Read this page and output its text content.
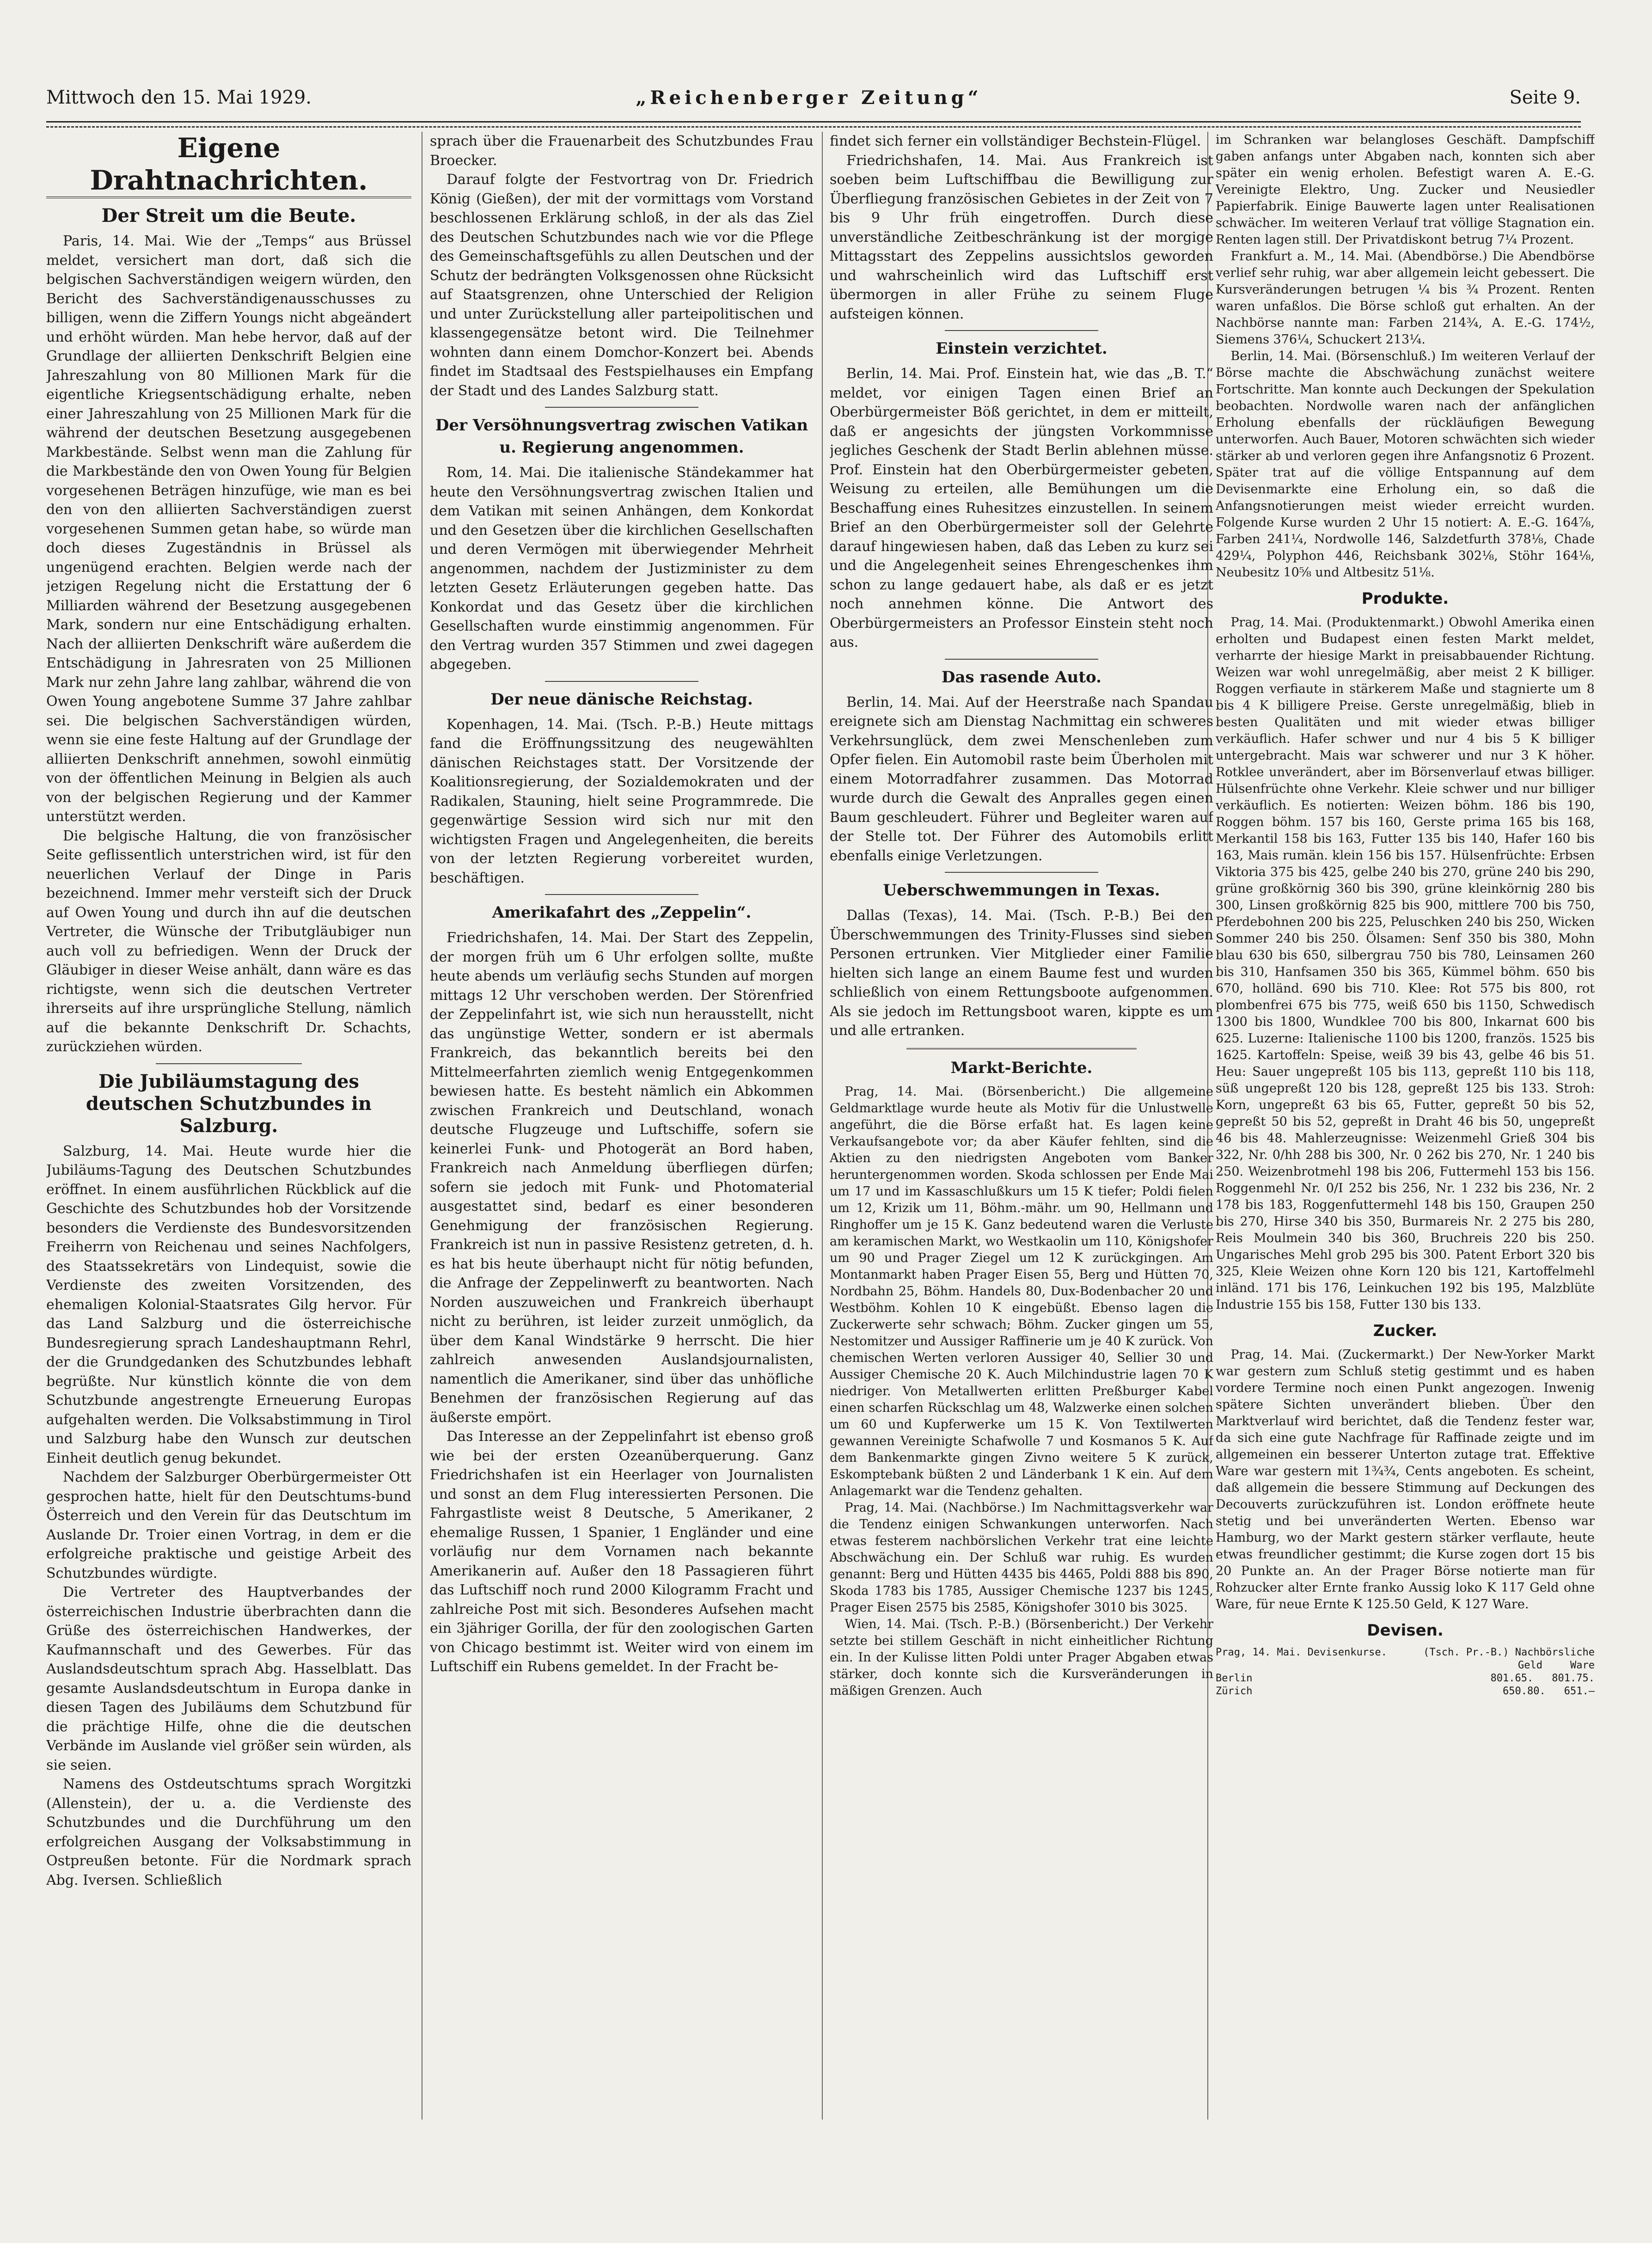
Mittwoch den 15. Mai 1929.	„Reichenberger Zeitung“	Seite 9.
Eigene Drahtnachrichten.
Der Streit um die Beute.

Paris, 14. Mai. Wie der „Temps“ aus Brüssel meldet, versichert man dort, daß sich die belgischen Sachverständigen weigern würden, den Bericht des Sachverständigenausschusses zu billigen, wenn die Ziffern Youngs nicht abgeändert und erhöht würden. Man hebe hervor, daß auf der Grundlage der alliierten Denkschrift Belgien eine Jahreszahlung von 80 Millionen Mark für die eigentliche Kriegsentschädigung erhalte, neben einer Jahreszahlung von 25 Millionen Mark für die während der deutschen Besetzung ausgegebenen Markbestände. Selbst wenn man die Zahlung für die Markbestände den von Owen Young für Belgien vorgesehenen Beträgen hinzufüge, wie man es bei den von den alliierten Sachverständigen zuerst vorgesehenen Summen getan habe, so würde man doch dieses Zugeständnis in Brüssel als ungenügend erachten. Belgien werde nach der jetzigen Regelung nicht die Erstattung der 6 Milliarden während der Besetzung ausgegebenen Mark, sondern nur eine Entschädigung erhalten. Nach der alliierten Denkschrift wäre außerdem die Entschädigung in Jahresraten von 25 Millionen Mark nur zehn Jahre lang zahlbar, während die von Owen Young angebotene Summe 37 Jahre zahlbar sei. Die belgischen Sachverständigen würden, wenn sie eine feste Haltung auf der Grundlage der alliierten Denkschrift annehmen, sowohl einmütig von der öffentlichen Meinung in Belgien als auch von der belgischen Regierung und der Kammer unterstützt werden.

Die belgische Haltung, die von französischer Seite geflissentlich unterstrichen wird, ist für den neuerlichen Verlauf der Dinge in Paris bezeichnend. Immer mehr versteift sich der Druck auf Owen Young und durch ihn auf die deutschen Vertreter, die Wünsche der Tributgläubiger nun auch voll zu befriedigen. Wenn der Druck der Gläubiger in dieser Weise anhält, dann wäre es das richtigste, wenn sich die deutschen Vertreter ihrerseits auf ihre ursprüngliche Stellung, nämlich auf die bekannte Denkschrift Dr. Schachts, zurückziehen würden.

Die Jubiläumstagung des deutschen Schutzbundes in Salzburg.

Salzburg, 14. Mai. Heute wurde hier die Jubiläums-Tagung des Deutschen Schutzbundes eröffnet. In einem ausführlichen Rückblick auf die Geschichte des Schutzbundes hob der Vorsitzende besonders die Verdienste des Bundesvorsitzenden Freiherrn von Reichenau und seines Nachfolgers, des Staatssekretärs von Lindequist, sowie die Verdienste des zweiten Vorsitzenden, des ehemaligen Kolonial-Staatsrates Gilg hervor. Für das Land Salzburg und die österreichische Bundesregierung sprach Landeshauptmann Rehrl, der die Grundgedanken des Schutzbundes lebhaft begrüßte. Nur künstlich könnte die von dem Schutzbunde angestrengte Erneuerung Europas aufgehalten werden. Die Volksabstimmung in Tirol und Salzburg habe den Wunsch zur deutschen Einheit deutlich genug bekundet.

Nachdem der Salzburger Oberbürgermeister Ott gesprochen hatte, hielt für den Deutschtums-bund Österreich und den Verein für das Deutschtum im Auslande Dr. Troier einen Vortrag, in dem er die erfolgreiche praktische und geistige Arbeit des Schutzbundes würdigte.

Die Vertreter des Hauptverbandes der österreichischen Industrie überbrachten dann die Grüße des österreichischen Handwerkes, der Kaufmannschaft und des Gewerbes. Für das Auslandsdeutschtum sprach Abg. Hasselblatt. Das gesamte Auslandsdeutschtum in Europa danke in diesen Tagen des Jubiläums dem Schutzbund für die prächtige Hilfe, ohne die die deutschen Verbände im Auslande viel größer sein würden, als sie seien.

Namens des Ostdeutschtums sprach Worgitzki (Allenstein), der u. a. die Verdienste des Schutzbundes und die Durchführung um den erfolgreichen Ausgang der Volksabstimmung in Ostpreußen betonte. Für die Nordmark sprach Abg. Iversen. Schließlich

sprach über die Frauenarbeit des Schutzbundes Frau Broecker.

Darauf folgte der Festvortrag von Dr. Friedrich König (Gießen), der mit der vormittags vom Vorstand beschlossenen Erklärung schloß, in der als das Ziel des Deutschen Schutzbundes nach wie vor die Pflege des Gemeinschaftsgefühls zu allen Deutschen und der Schutz der bedrängten Volksgenossen ohne Rücksicht auf Staatsgrenzen, ohne Unterschied der Religion und unter Zurückstellung aller parteipolitischen und klassengegensätze betont wird. Die Teilnehmer wohnten dann einem Domchor-Konzert bei. Abends findet im Stadtsaal des Festspielhauses ein Empfang der Stadt und des Landes Salzburg statt.

Der Versöhnungsvertrag zwischen Vatikan u. Regierung angenommen.

Rom, 14. Mai. Die italienische Ständekammer hat heute den Versöhnungsvertrag zwischen Italien und dem Vatikan mit seinen Anhängen, dem Konkordat und den Gesetzen über die kirchlichen Gesellschaften und deren Vermögen mit überwiegender Mehrheit angenommen, nachdem der Justizminister zu dem letzten Gesetz Erläuterungen gegeben hatte. Das Konkordat und das Gesetz über die kirchlichen Gesellschaften wurde einstimmig angenommen. Für den Vertrag wurden 357 Stimmen und zwei dagegen abgegeben.

Der neue dänische Reichstag.

Kopenhagen, 14. Mai. (Tsch. P.-B.) Heute mittags fand die Eröffnungssitzung des neugewählten dänischen Reichstages statt. Der Vorsitzende der Koalitionsregierung, der Sozialdemokraten und der Radikalen, Stauning, hielt seine Programmrede. Die gegenwärtige Session wird sich nur mit den wichtigsten Fragen und Angelegenheiten, die bereits von der letzten Regierung vorbereitet wurden, beschäftigen.

Amerikafahrt des „Zeppelin“.

Friedrichshafen, 14. Mai. Der Start des Zeppelin, der morgen früh um 6 Uhr erfolgen sollte, mußte heute abends um verläufig sechs Stunden auf morgen mittags 12 Uhr verschoben werden. Der Störenfried der Zeppelinfahrt ist, wie sich nun herausstellt, nicht das ungünstige Wetter, sondern er ist abermals Frankreich, das bekanntlich bereits bei den Mittelmeerfahrten ziemlich wenig Entgegenkommen bewiesen hatte. Es besteht nämlich ein Abkommen zwischen Frankreich und Deutschland, wonach deutsche Flugzeuge und Luftschiffe, sofern sie keinerlei Funk- und Photogerät an Bord haben, Frankreich nach Anmeldung überfliegen dürfen; sofern sie jedoch mit Funk- und Photomaterial ausgestattet sind, bedarf es einer besonderen Genehmigung der französischen Regierung. Frankreich ist nun in passive Resistenz getreten, d. h. es hat bis heute überhaupt nicht für nötig befunden, die Anfrage der Zeppelinwerft zu beantworten. Nach Norden auszuweichen und Frankreich überhaupt nicht zu berühren, ist leider zurzeit unmöglich, da über dem Kanal Windstärke 9 herrscht. Die hier zahlreich anwesenden Auslandsjournalisten, namentlich die Amerikaner, sind über das unhöfliche Benehmen der französischen Regierung auf das äußerste empört.

Das Interesse an der Zeppelinfahrt ist ebenso groß wie bei der ersten Ozeanüberquerung. Ganz Friedrichshafen ist ein Heerlager von Journalisten und sonst an dem Flug interessierten Personen. Die Fahrgastliste weist 8 Deutsche, 5 Amerikaner, 2 ehemalige Russen, 1 Spanier, 1 Engländer und eine vorläufig nur dem Vornamen nach bekannte Amerikanerin auf. Außer den 18 Passagieren führt das Luftschiff noch rund 2000 Kilogramm Fracht und zahlreiche Post mit sich. Besonderes Aufsehen macht ein 3jähriger Gorilla, der für den zoologischen Garten von Chicago bestimmt ist. Weiter wird von einem im Luftschiff ein Rubens gemeldet. In der Fracht be-

findet sich ferner ein vollständiger Bechstein-Flügel.

Friedrichshafen, 14. Mai. Aus Frankreich ist soeben beim Luftschiffbau die Bewilligung zur Überfliegung französischen Gebietes in der Zeit von 7 bis 9 Uhr früh eingetroffen. Durch diese unverständliche Zeitbeschränkung ist der morgige Mittagsstart des Zeppelins aussichtslos geworden und wahrscheinlich wird das Luftschiff erst übermorgen in aller Frühe zu seinem Fluge aufsteigen können.

Einstein verzichtet.

Berlin, 14. Mai. Prof. Einstein hat, wie das „B. T.“ meldet, vor einigen Tagen einen Brief an Oberbürgermeister Böß gerichtet, in dem er mitteilt, daß er angesichts der jüngsten Vorkommnisse jegliches Geschenk der Stadt Berlin ablehnen müsse. Prof. Einstein hat den Oberbürgermeister gebeten, Weisung zu erteilen, alle Bemühungen um die Beschaffung eines Ruhesitzes einzustellen. In seinem Brief an den Oberbürgermeister soll der Gelehrte darauf hingewiesen haben, daß das Leben zu kurz sei und die Angelegenheit seines Ehrengeschenkes ihm schon zu lange gedauert habe, als daß er es jetzt noch annehmen könne. Die Antwort des Oberbürgermeisters an Professor Einstein steht noch aus.

Das rasende Auto.

Berlin, 14. Mai. Auf der Heerstraße nach Spandau ereignete sich am Dienstag Nachmittag ein schweres Verkehrsunglück, dem zwei Menschenleben zum Opfer fielen. Ein Automobil raste beim Überholen mit einem Motorradfahrer zusammen. Das Motorrad wurde durch die Gewalt des Anpralles gegen einen Baum geschleudert. Führer und Begleiter waren auf der Stelle tot. Der Führer des Automobils erlitt ebenfalls einige Verletzungen.

Ueberschwemmungen in Texas.

Dallas (Texas), 14. Mai. (Tsch. P.-B.) Bei den Überschwemmungen des Trinity-Flusses sind sieben Personen ertrunken. Vier Mitglieder einer Familie hielten sich lange an einem Baume fest und wurden schließlich von einem Rettungsboote aufgenommen. Als sie jedoch im Rettungsboot waren, kippte es um und alle ertranken.

Markt-Berichte.

Prag, 14. Mai. (Börsenbericht.) Die allgemeine Geldmarktlage wurde heute als Motiv für die Unlustwelle angeführt, die die Börse erfaßt hat. Es lagen keine Verkaufsangebote vor; da aber Käufer fehlten, sind die Aktien zu den niedrigsten Angeboten vom Banker heruntergenommen worden. Skoda schlossen per Ende Mai um 17 und im Kassaschlußkurs um 15 K tiefer; Poldi fielen um 12, Krizik um 11, Böhm.-mähr. um 90, Hellmann und Ringhoffer um je 15 K. Ganz bedeutend waren die Verluste am keramischen Markt, wo Westkaolin um 110, Königshofer um 90 und Prager Ziegel um 12 K zurückgingen. Am Montanmarkt haben Prager Eisen 55, Berg und Hütten 70, Nordbahn 25, Böhm. Handels 80, Dux-Bodenbacher 20 und Westböhm. Kohlen 10 K eingebüßt. Ebenso lagen die Zuckerwerte sehr schwach; Böhm. Zucker gingen um 55, Nestomitzer und Aussiger Raffinerie um je 40 K zurück. Von chemischen Werten verloren Aussiger 40, Sellier 30 und Aussiger Chemische 20 K. Auch Milchindustrie lagen 70 K niedriger. Von Metallwerten erlitten Preßburger Kabel einen scharfen Rückschlag um 48, Walzwerke einen solchen um 60 und Kupferwerke um 15 K. Von Textilwerten gewannen Vereinigte Schafwolle 7 und Kosmanos 5 K. Auf dem Bankenmarkte gingen Zivno weitere 5 K zurück, Eskomptebank büßten 2 und Länderbank 1 K ein. Auf dem Anlagemarkt war die Tendenz gehalten.

Prag, 14. Mai. (Nachbörse.) Im Nachmittagsverkehr war die Tendenz einigen Schwankungen unterworfen. Nach etwas festerem nachbörslichen Verkehr trat eine leichte Abschwächung ein. Der Schluß war ruhig. Es wurden genannt: Berg und Hütten 4435 bis 4465, Poldi 888 bis 890, Skoda 1783 bis 1785, Aussiger Chemische 1237 bis 1245, Prager Eisen 2575 bis 2585, Königshofer 3010 bis 3025.

Wien, 14. Mai. (Tsch. P.-B.) (Börsenbericht.) Der Verkehr setzte bei stillem Geschäft in nicht einheitlicher Richtung ein. In der Kulisse litten Poldi unter Prager Abgaben etwas stärker, doch konnte sich die Kursveränderungen in mäßigen Grenzen. Auch

im Schranken war belangloses Geschäft. Dampfschiff gaben anfangs unter Abgaben nach, konnten sich aber später ein wenig erholen. Befestigt waren A. E.-G. Vereinigte Elektro, Ung. Zucker und Neusiedler Papierfabrik. Einige Bauwerte lagen unter Realisationen schwächer. Im weiteren Verlauf trat völlige Stagnation ein. Renten lagen still. Der Privatdiskont betrug 7¼ Prozent.

Frankfurt a. M., 14. Mai. (Abendbörse.) Die Abendbörse verlief sehr ruhig, war aber allgemein leicht gebessert. Die Kursveränderungen betrugen ¼ bis ¾ Prozent. Renten waren unfaßlos. Die Börse schloß gut erhalten. An der Nachbörse nannte man: Farben 214¾, A. E.-G. 174½, Siemens 376¼, Schuckert 213¼.

Berlin, 14. Mai. (Börsenschluß.) Im weiteren Verlauf der Börse machte die Abschwächung zunächst weitere Fortschritte. Man konnte auch Deckungen der Spekulation beobachten. Nordwolle waren nach der anfänglichen Erholung ebenfalls der rückläufigen Bewegung unterworfen. Auch Bauer, Motoren schwächten sich wieder stärker ab und verloren gegen ihre Anfangsnotiz 6 Prozent. Später trat auf die völlige Entspannung auf dem Devisenmarkte eine Erholung ein, so daß die Anfangsnotierungen meist wieder erreicht wurden. Folgende Kurse wurden 2 Uhr 15 notiert: A. E.-G. 164⅞, Farben 241¼, Nordwolle 146, Salzdetfurth 378⅛, Chade 429¼, Polyphon 446, Reichsbank 302⅛, Stöhr 164⅛, Neubesitz 10⅝ und Altbesitz 51⅛.

Produkte.

Prag, 14. Mai. (Produktenmarkt.) Obwohl Amerika einen erholten und Budapest einen festen Markt meldet, verharrte der hiesige Markt in preisabbauender Richtung. Weizen war wohl unregelmäßig, aber meist 2 K billiger. Roggen verfiaute in stärkerem Maße und stagnierte um 8 bis 4 K billigere Preise. Gerste unregelmäßig, blieb in besten Qualitäten und mit wieder etwas billiger verkäuflich. Hafer schwer und nur 4 bis 5 K billiger untergebracht. Mais war schwerer und nur 3 K höher. Rotklee unverändert, aber im Börsenverlauf etwas billiger. Hülsenfrüchte ohne Verkehr. Kleie schwer und nur billiger verkäuflich. Es notierten: Weizen böhm. 186 bis 190, Roggen böhm. 157 bis 160, Gerste prima 165 bis 168, Merkantil 158 bis 163, Futter 135 bis 140, Hafer 160 bis 163, Mais rumän. klein 156 bis 157. Hülsenfrüchte: Erbsen Viktoria 375 bis 425, gelbe 240 bis 270, grüne 240 bis 290, grüne großkörnig 360 bis 390, grüne kleinkörnig 280 bis 300, Linsen großkörnig 825 bis 900, mittlere 700 bis 750, Pferdebohnen 200 bis 225, Peluschken 240 bis 250, Wicken Sommer 240 bis 250. Ölsamen: Senf 350 bis 380, Mohn blau 630 bis 650, silbergrau 750 bis 780, Leinsamen 260 bis 310, Hanfsamen 350 bis 365, Kümmel böhm. 650 bis 670, holländ. 690 bis 710. Klee: Rot 575 bis 800, rot plombenfrei 675 bis 775, weiß 650 bis 1150, Schwedisch 1300 bis 1800, Wundklee 700 bis 800, Inkarnat 600 bis 625. Luzerne: Italienische 1100 bis 1200, französ. 1525 bis 1625. Kartoffeln: Speise, weiß 39 bis 43, gelbe 46 bis 51. Heu: Sauer ungepreßt 105 bis 113, gepreßt 110 bis 118, süß ungepreßt 120 bis 128, gepreßt 125 bis 133. Stroh: Korn, ungepreßt 63 bis 65, Futter, gepreßt 50 bis 52, gepreßt 50 bis 52, gepreßt in Draht 46 bis 50, ungepreßt 46 bis 48. Mahlerzeugnisse: Weizenmehl Grieß 304 bis 322, Nr. 0/hh 288 bis 300, Nr. 0 262 bis 270, Nr. 1 240 bis 250. Weizenbrotmehl 198 bis 206, Futtermehl 153 bis 156. Roggenmehl Nr. 0/I 252 bis 256, Nr. 1 232 bis 236, Nr. 2 178 bis 183, Roggenfuttermehl 148 bis 150, Graupen 250 bis 270, Hirse 340 bis 350, Burmareis Nr. 2 275 bis 280, Reis Moulmein 340 bis 360, Bruchreis 220 bis 250. Ungarisches Mehl grob 295 bis 300. Patent Erbort 320 bis 325, Kleie Weizen ohne Korn 120 bis 121, Kartoffelmehl inländ. 171 bis 176, Leinkuchen 192 bis 195, Malzblüte Industrie 155 bis 158, Futter 130 bis 133.

Zucker.

Prag, 14. Mai. (Zuckermarkt.) Der New-Yorker Markt war gestern zum Schluß stetig gestimmt und es haben vordere Termine noch einen Punkt angezogen. Inwenig spätere Sichten unverändert blieben. Über den Marktverlauf wird berichtet, daß die Tendenz fester war, da sich eine gute Nachfrage für Raffinade zeigte und im allgemeinen ein besserer Unterton zutage trat. Effektive Ware war gestern mit 1¾¾, Cents angeboten. Es scheint, daß allgemein die bessere Stimmung auf Deckungen des Decouverts zurückzuführen ist. London eröffnete heute stetig und bei unveränderten Werten. Ebenso war Hamburg, wo der Markt gestern stärker verflaute, heute etwas freundlicher gestimmt; die Kurse zogen dort 15 bis 20 Punkte an. An der Prager Börse notierte man für Rohzucker alter Ernte franko Aussig loko K 117 Geld ohne Ware, für neue Ernte K 125.50 Geld, K 127 Ware.

Devisen.
Prag, 14. Mai. Devisenkurse.	(Tsch. Pr.-B.) Nachbörsliche
Geld	Ware
Berlin	801.65. 801.75.
Zürich	650.80. 651.—
